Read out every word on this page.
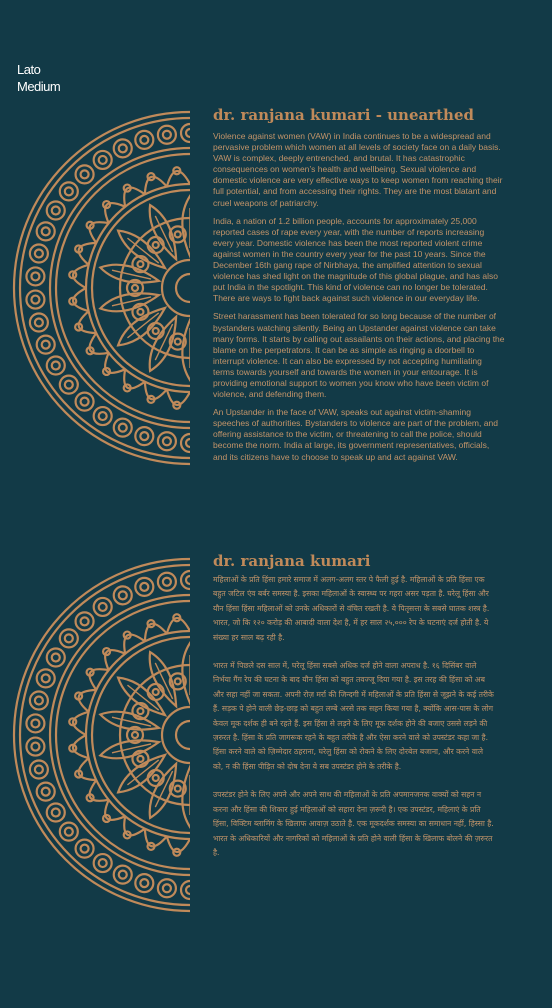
Lato
Medium
dr. ranjana kumari - unearthed

Violence against women (VAW) in India continues to be a widespread and pervasive problem which women at all levels of society face on a daily basis. VAW is complex, deeply entrenched, and brutal. It has catastrophic consequences on women’s health and wellbeing. Sexual violence and domestic violence are very effective ways to keep women from reaching their full potential, and from accessing their rights. They are the most blatant and cruel weapons of patriarchy.

India, a nation of 1.2 billion people, accounts for approximately 25,000 reported cases of rape every year, with the number of reports increasing every year. Domestic violence has been the most reported violent crime against women in the country every year for the past 10 years. Since the December 16th gang rape of Nirbhaya, the amplified attention to sexual violence has shed light on the magnitude of this global plague, and has also put India in the spotlight. This kind of violence can no longer be tolerated. There are ways to fight back against such violence in our everyday life.

Street harassment has been tolerated for so long because of the number of bystanders watching silently. Being an Upstander against violence can take many forms. It starts by calling out assailants on their actions, and placing the blame on the perpetrators. It can be as simple as ringing a doorbell to interrupt violence. It can also be expressed by not accepting humiliating terms towards yourself and towards the women in your entourage. It is providing emotional support to women you know who have been victim of violence, and defending them.

An Upstander in the face of VAW, speaks out against victim-shaming speeches of authorities. Bystanders to violence are part of the problem, and offering assistance to the victim, or threatening to call the police, should become the norm. India at large, its government representatives, officials, and its citizens have to choose to speak up and act against VAW.

dr. ranjana kumari

महिलाओं के प्रति हिंसा हमारे समाज में अलग-अलग स्तर पे फैली हुई है. महिलाओं के प्रति हिंसा एक बहुत जटिल एंव बर्बर समस्या है. इसका महिलाओं के स्वास्थ्य पर गहरा असर पड़ता है. घरेलू हिंसा और यौन हिंसा हिंसा महिलाओं को उनके अधिकारों से वंचित रखती है. ये पितृसत्ता के सबसे घातक शस्त्र है. भारत, जो कि १२० करोड़ की आबादी वाला देश है, में हर साल २५,००० रेप के घटनाएं दर्ज होती है. ये संख्या हर साल बढ़ रही है.

भारत में पिछले दस साल में, घरेलू हिंसा सबसे अधिक दर्ज होने वाला अपराध है. १६ दिसिंबर वाले निर्भया गैंग रेप की घटना के बाद यौन हिंसा को बहुत तवज्जू दिया गया है. इस तरह की हिंसा को अब और सहा नहीं जा सकता. अपनी रोज़ मर्रा की जिन्दगी में महिलाओं के प्रति हिंसा से जूझने के कई तरीके हैं. सड़क पे होने वाली छेड़-छाड़ को बहुत लम्बे अरसे तक सहन किया गया है, क्योंकि आस-पास के लोग केवल मूक दर्शक ही बने रहते हैं. इस हिंसा से लड़ने के लिए मूक दर्शक होने की बजाए उससे लड़ने की ज़रुरत है. हिंसा के प्रति जागरूक रहने के बहुत तरीके है और ऐसा करने वाले को उपस्टंडर कहा जा है. हिंसा करने वाले को ज़िम्मेदार ठहराना, घरेलु हिंसा को रोकने के लिए दोरबेल बजाना, और करने वाले को, न की हिंसा पीड़ित को दोष देना ये सब उपस्टंडर होने के तरीके है.

उपस्टंडर होने के लिए अपने और अपने साथ की महिलाओं के प्रति अपमानजनक वाक्यों को सहन न करना और हिंसा की शिकार हुई महिलाओं को सहारा देना ज़रूरी है। एक उपस्टंडर, महिलाएं के प्रति हिंसा, विक्टिम ब्लामिंग के खिलाफ आवाज़ उठाते है. एक मूकदर्शक समस्या का समाधान नहीं, हिस्सा है. भारत के अधिकारियों और नागरिकों को महिलाओं के प्रति होने वाली हिंसा के खिलाफ बोलने की ज़रुरत है.
